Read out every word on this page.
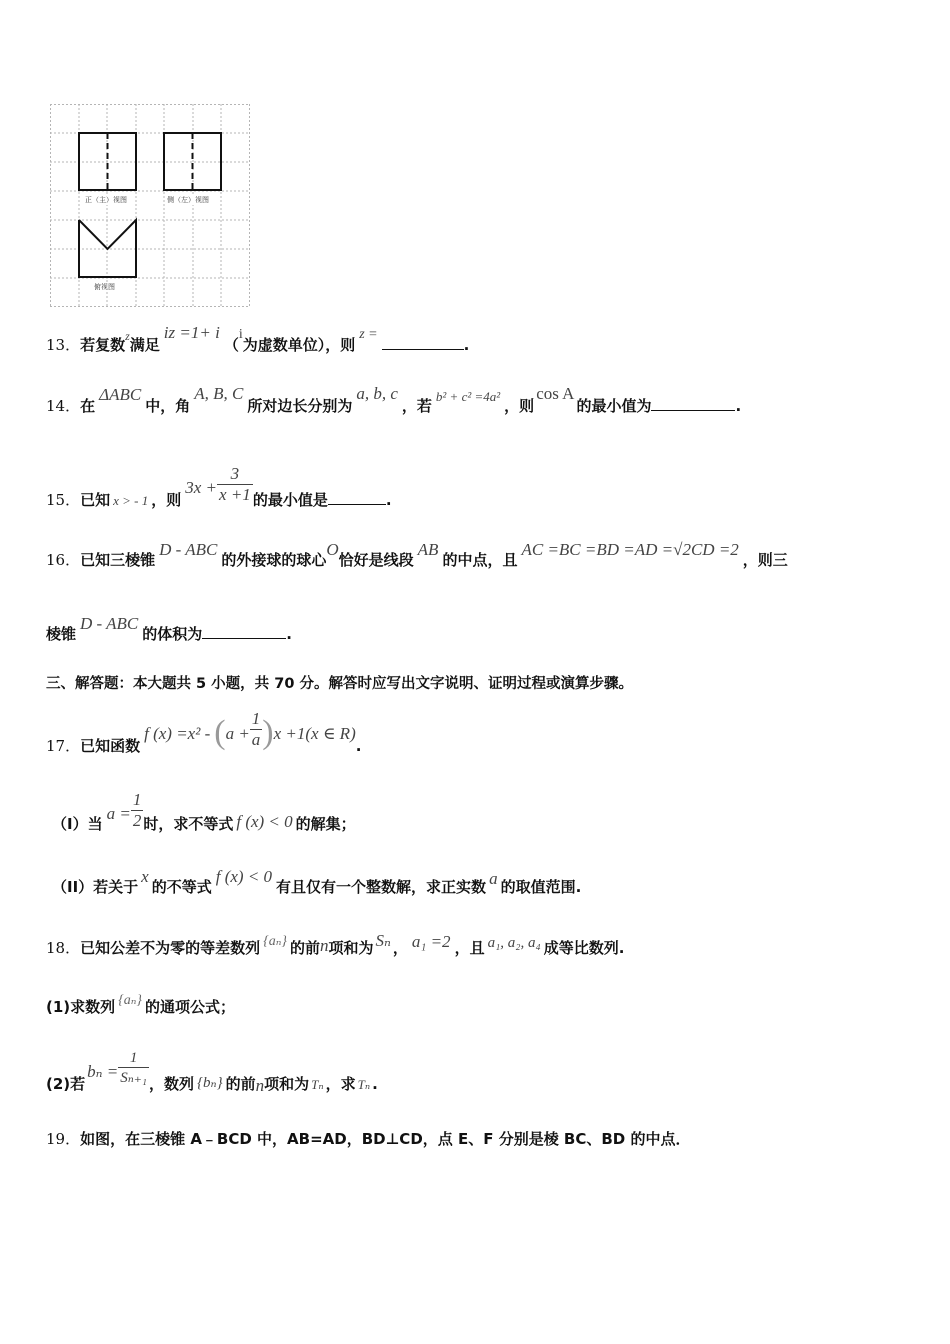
正（主）视图	侧（左）视图
俯视图
13．若复数$^z$满足iz =1+ i（i为虚数单位），则z =.
14．在ΔABC中，角A, B, C所对边长分别为a, b, c，若b² + c² =4a²，则cos A的最小值为	.
15．已知 x > - 1 ，则$3x + \frac{3}{x +1}$ 的最小值是	.
16．已知三棱锥D - ABC的外接球的球心O恰好是线段AB的中点，且AC =BC =BD =AD =√2CD =2，则三
棱锥D - ABC的体积为	.
三、解答题：本大题共 5 小题，共 70 分。解答时应写出文字说明、证明过程或演算步骤。
17．已知函数f $(x) =x^2 - (a + \frac{1}{a} )x +1(x$ ∈ R).
（I）当$a = \frac{1}{2}$ 时，求不等式 f (x) < 0 的解集；
（II）若关于x的不等式f (x) < 0有且仅有一个整数解，求正实数 a 的取值范围.
18．已知公差不为零的等差数列 {aₙ} 的前n项和为 Sₙ ， a₁ =2 ，且 a₁, a₂, a₄ 成等比数列.
(1)求数列 {aₙ} 的通项公式；
(2)若$b_n = \frac{1}{\text{Sₙ₊₁}}$ ，数列 {bₙ} 的前n项和为 Tₙ ，求 Tₙ .
19．如图，在三棱锥 A﹣BCD 中，AB=AD，BD⊥CD，点 E、F 分别是棱 BC、BD 的中点．
